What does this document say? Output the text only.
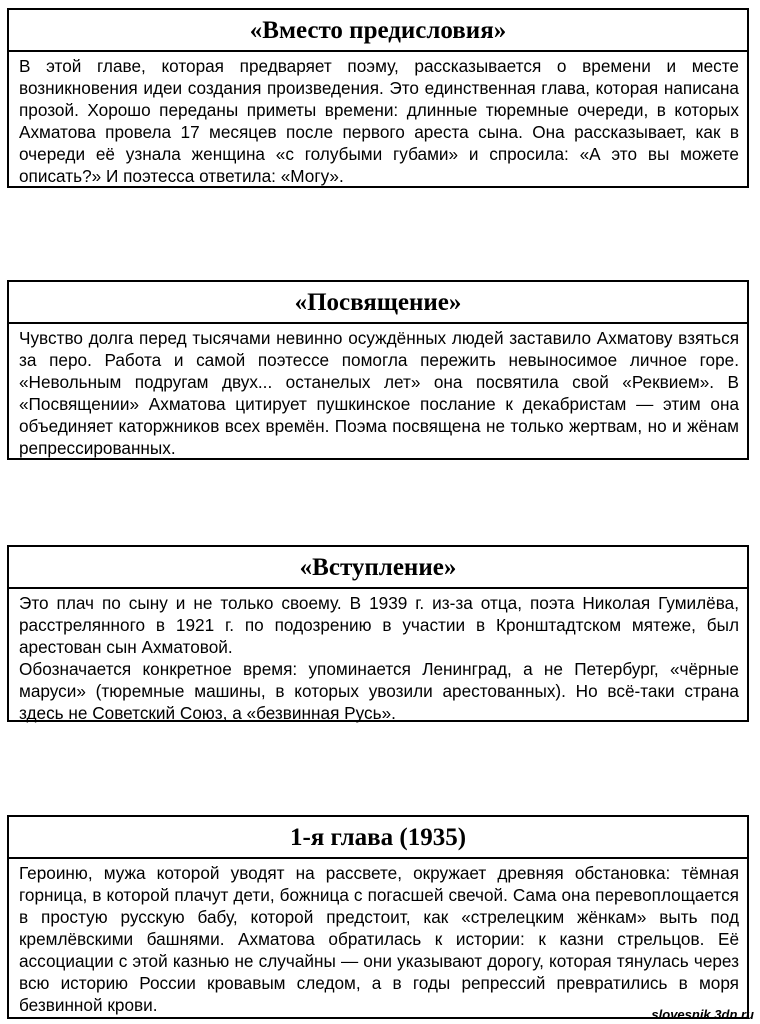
«Вместо предисловия»

В этой главе, которая предваряет поэму, рассказывается о времени и месте возникновения идеи создания произведения. Это единственная глава, которая написана прозой. Хорошо переданы приметы времени: длинные тюремные очереди, в которых Ахматова провела 17 месяцев после первого ареста сына. Она рассказывает, как в очереди её узнала женщина «с голубыми губами» и спросила: «А это вы можете описать?» И поэтесса ответила: «Могу».

«Посвящение»

Чувство долга перед тысячами невинно осуждённых людей заставило Ахматову взяться за перо. Работа и самой поэтессе помогла пережить невыносимое личное горе. «Невольным подругам двух... останелых лет» она посвятила свой «Реквием». В «Посвящении» Ахматова цитирует пушкинское послание к декабристам — этим она объединяет каторжников всех времён. Поэма посвящена не только жертвам, но и жёнам репрессированных.

«Вступление»

Это плач по сыну и не только своему. В 1939 г. из-за отца, поэта Николая Гумилёва, расстрелянного в 1921 г. по подозрению в участии в Кронштадтском мятеже, был арестован сын Ахматовой.

Обозначается конкретное время: упоминается Ленинград, а не Петербург, «чёрные маруси» (тюремные машины, в которых увозили арестованных). Но всё-таки страна здесь не Советский Союз, а «безвинная Русь».

1-я глава (1935)

Героиню, мужа которой уводят на рассвете, окружает древняя обстановка: тёмная горница, в которой плачут дети, божница с погасшей свечой. Сама она перевоплощается в простую русскую бабу, которой предстоит, как «стрелецким жёнкам» выть под кремлёвскими башнями. Ахматова обратилась к истории: к казни стрельцов. Её ассоциации с этой казнью не случайны — они указывают дорогу, которая тянулась через всю историю России кровавым следом, а в годы репрессий превратились в моря безвинной крови.	slovesnik.3dn.ru
